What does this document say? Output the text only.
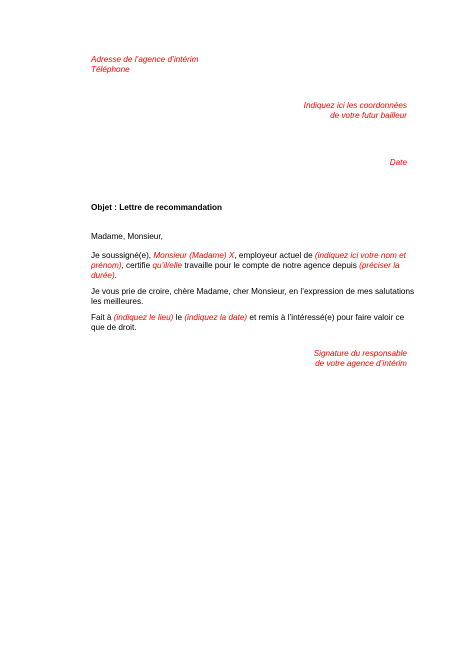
Adresse de l’agence d’intérim
Téléphone
Indiquez ici les coordonnées
de votre futur bailleur
Date
Objet : Lettre de recommandation
Madame, Monsieur,
Je soussigné(e), Monsieur (Madame) X, employeur actuel de (indiquez ici votre nom et
prénom), certifie qu’il/elle travaille pour le compte de notre agence depuis (préciser la
durée).
Je vous prie de croire, chère Madame, cher Monsieur, en l’expression de mes salutations
les meilleures.
Fait à (indiquez le lieu) le (indiquez la date) et remis à l’intéressé(e) pour faire valoir ce
que de droit.
Signature du responsable
de votre agence d’intérim
